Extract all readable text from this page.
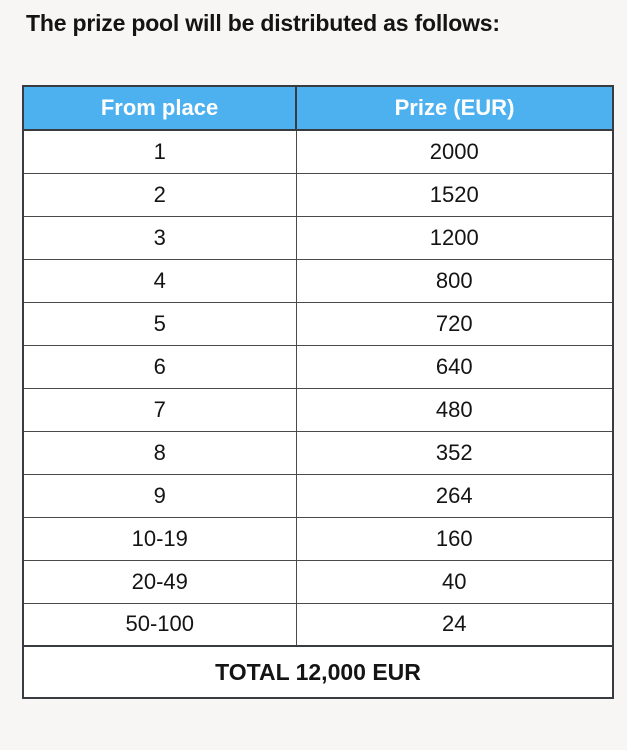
The prize pool will be distributed as follows:
From place	Prize (EUR)
1	2000
2	1520
3	1200
4	800
5	720
6	640
7	480
8	352
9	264
10-19	160
20-49	40
50-100	24
TOTAL 12,000 EUR	
